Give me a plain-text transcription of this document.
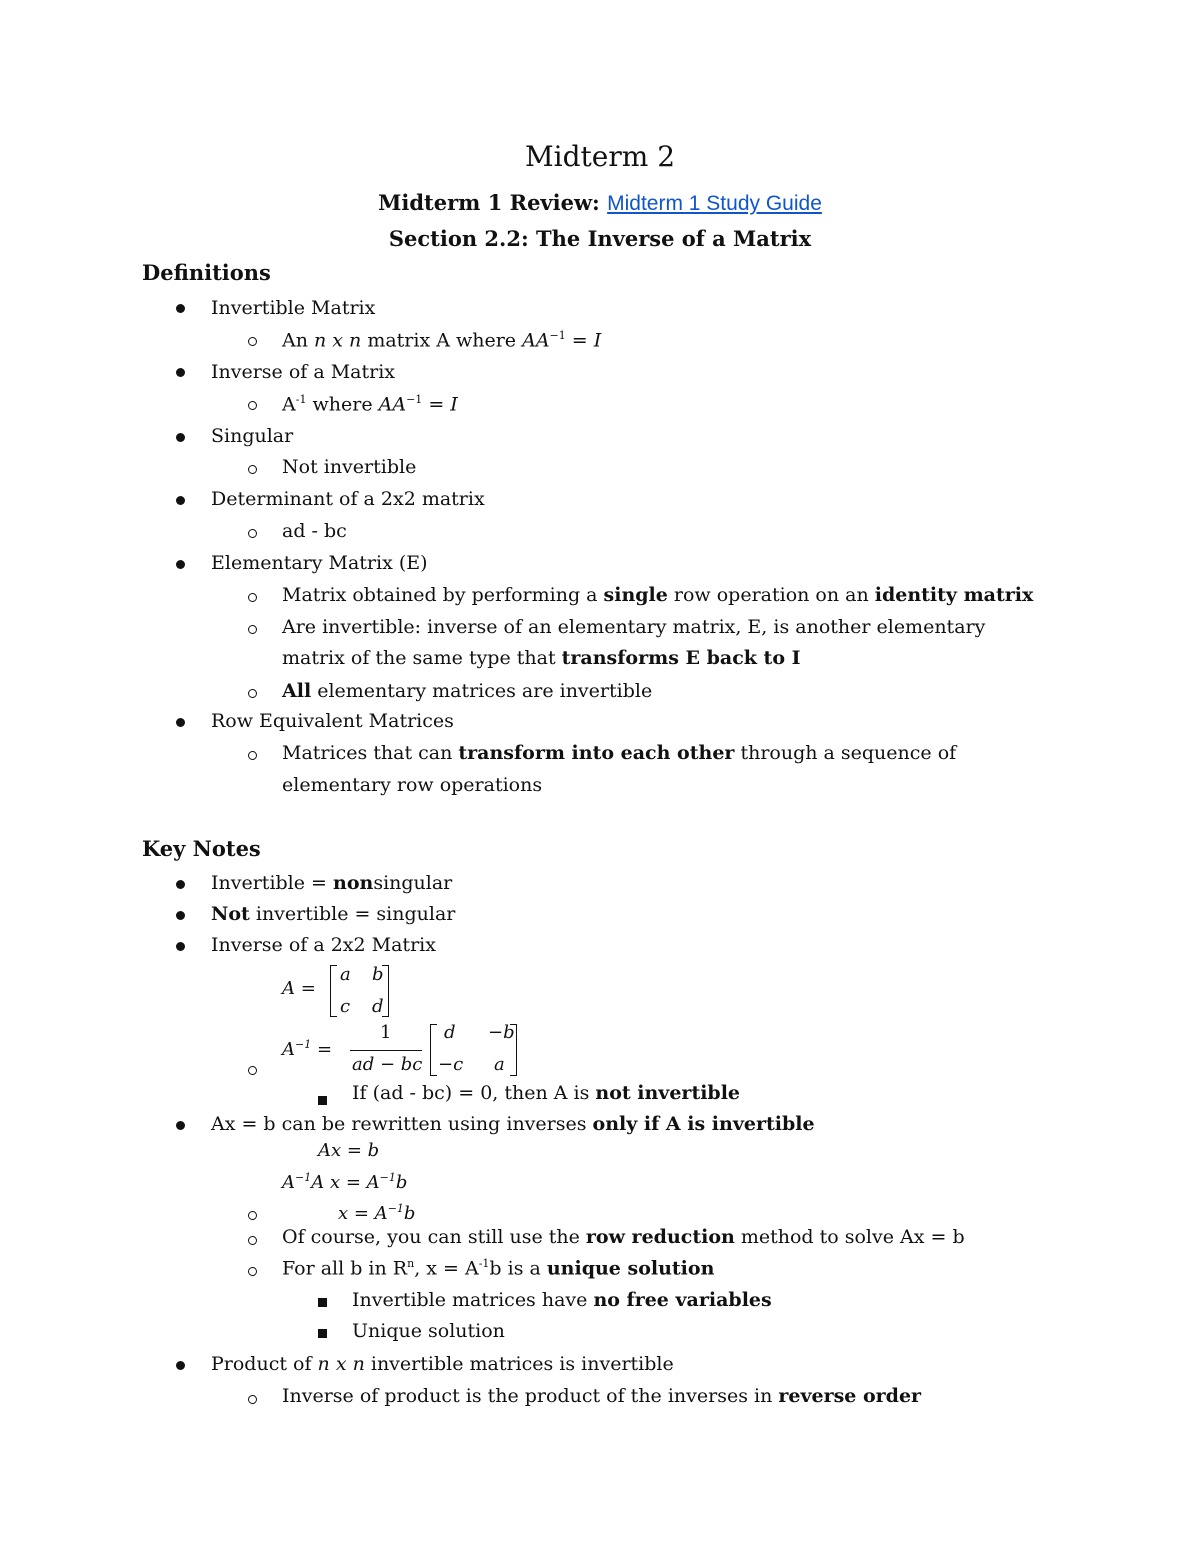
Midterm 2
Midterm 1 Review: Midterm 1 Study Guide
Section 2.2: The Inverse of a Matrix
Definitions
Invertible Matrix
An n x n matrix A where $AA^{-1} = I$
Inverse of a Matrix
$A^{-1}$ where $AA^{-1} = I$
Singular
Not invertible
Determinant of a 2x2 matrix
ad - bc
Elementary Matrix (E)
Matrix obtained by performing a single row operation on an identity matrix
Are invertible: inverse of an elementary matrix, E, is another elementary
matrix of the same type that transforms E back to I
All elementary matrices are invertible
Row Equivalent Matrices
Matrices that can transform into each other through a sequence of
elementary row operations
Key Notes
Invertible = nonsingular
Not invertible = singular
Inverse of a 2x2 Matrix
A =
a b
c d
$A^{-1}$ =
1
ad − bc
d −b
−c a
If (ad - bc) = 0, then A is not invertible
Ax = b can be rewritten using inverses only if A is invertible
Ax = b
$A^{-1}A$ $x = A^{-1}b$
$x = A^{-1}b$
Of course, you can still use the row reduction method to solve Ax = b
For all b in $R^n$, $x = A^{-1}b$ is a unique solution
Invertible matrices have no free variables
Unique solution
Product of n x n invertible matrices is invertible
Inverse of product is the product of the inverses in reverse order
